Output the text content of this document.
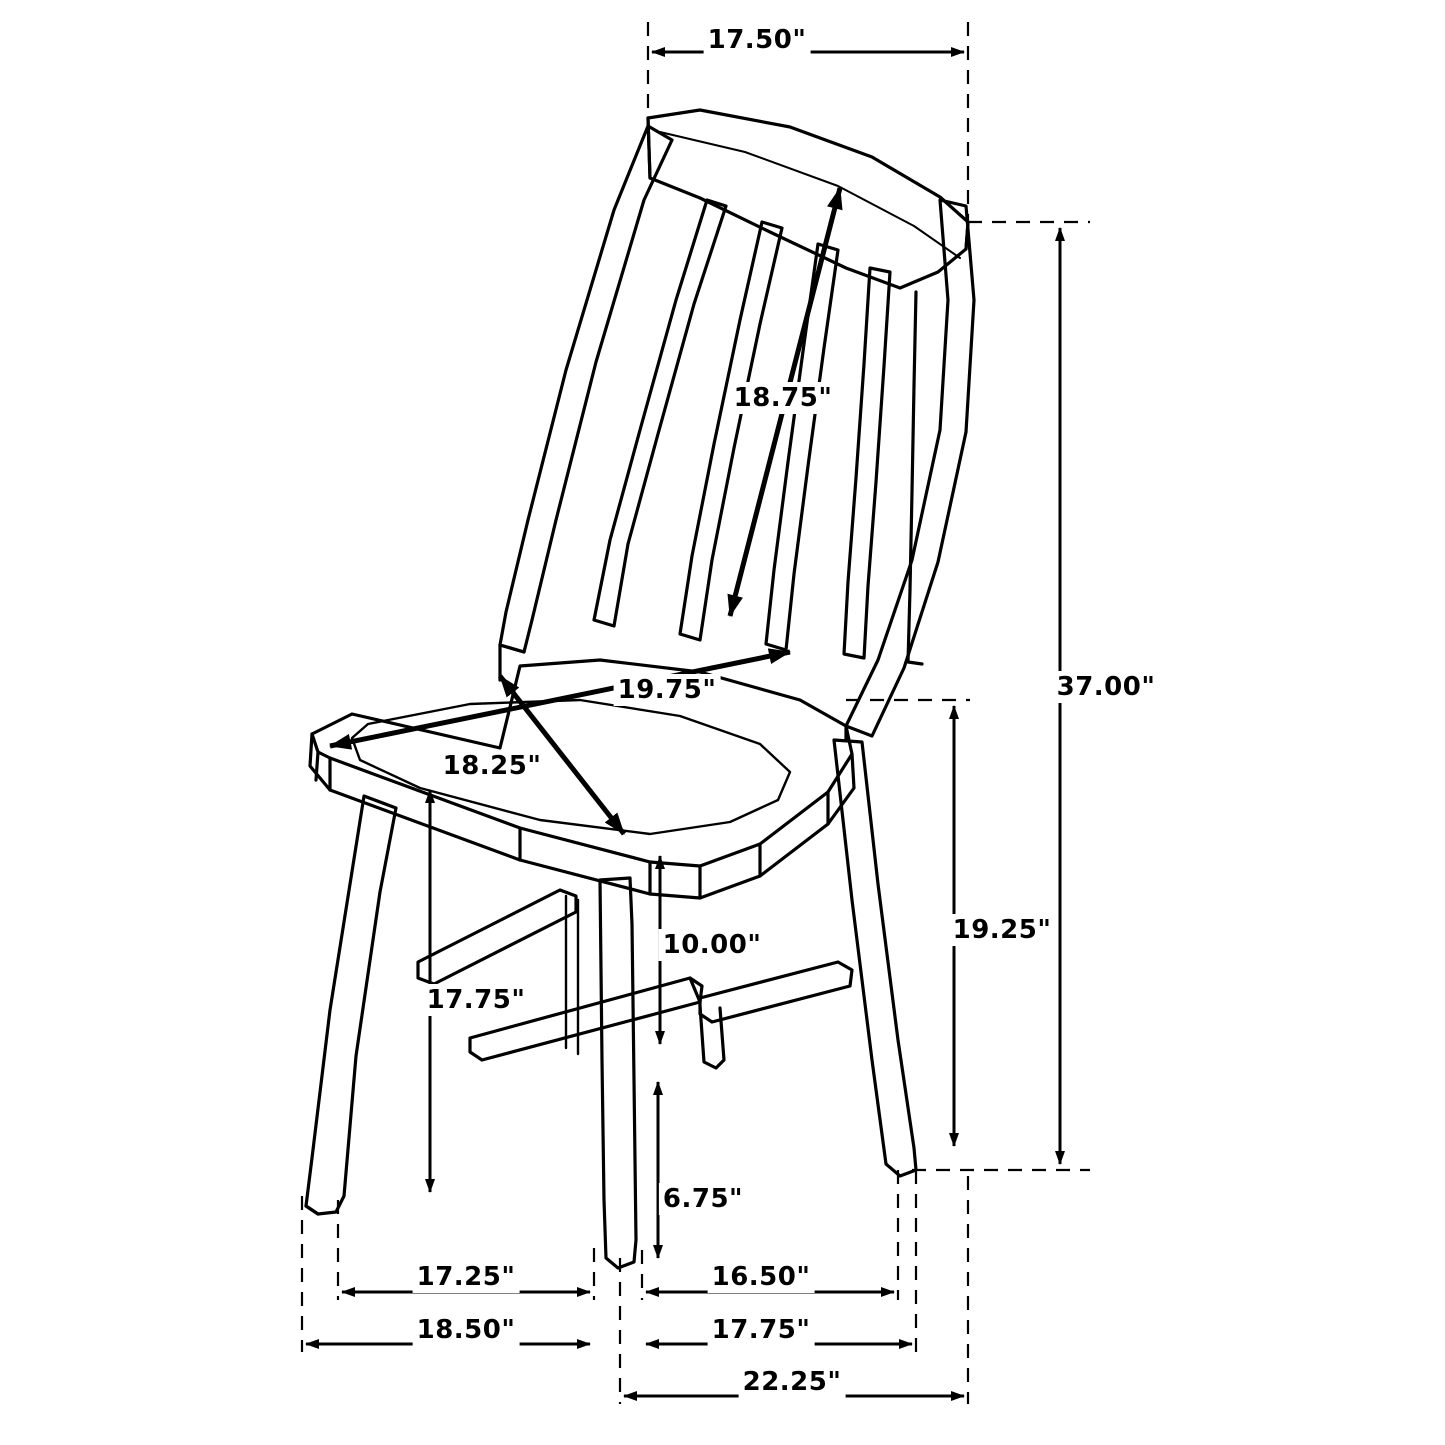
17.50"
18.75"
37.00"
19.75"
18.25"
19.25"
10.00"
17.75"
6.75"
17.25"	16.50"
18.50"	17.75"
22.25"
